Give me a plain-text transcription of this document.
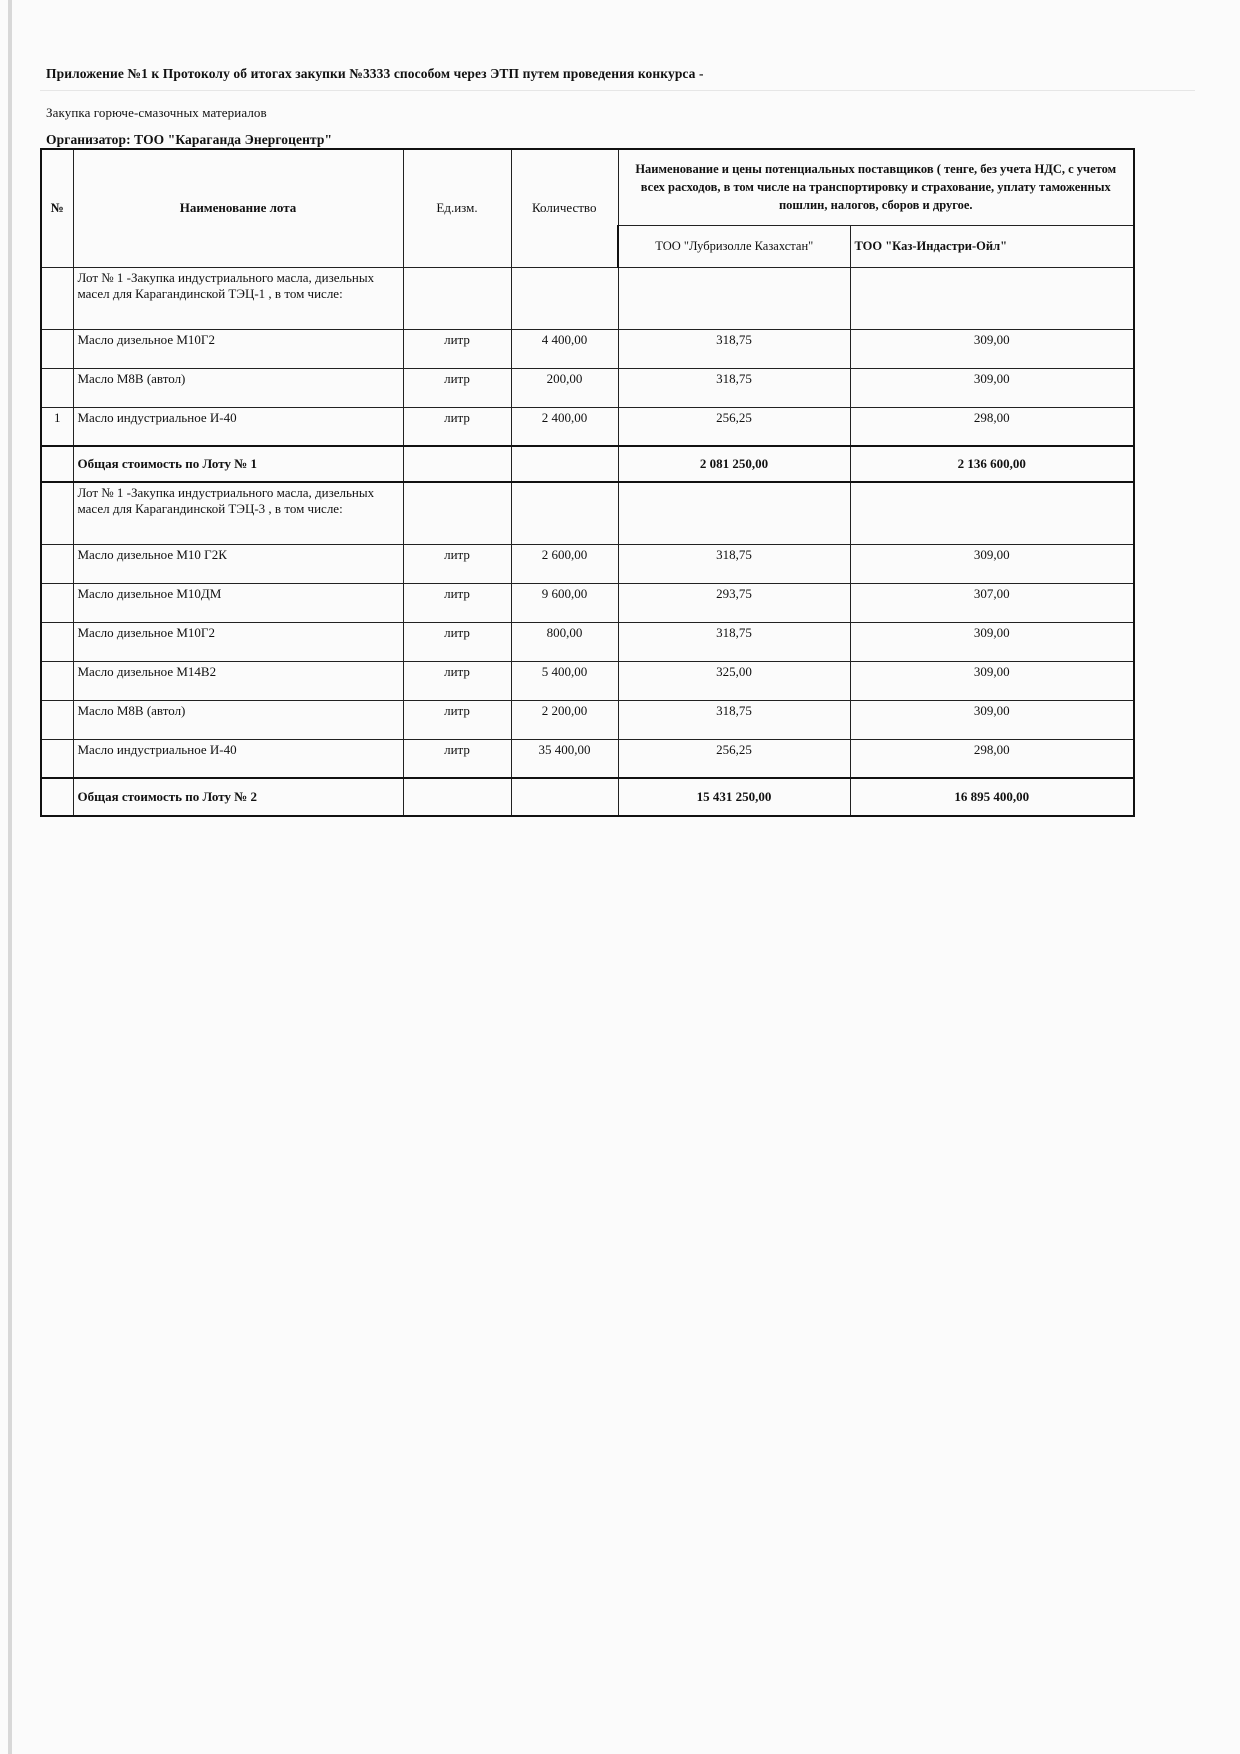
Приложение №1 к Протоколу об итогах закупки №3333 способом через ЭТП путем проведения конкурса -
Закупка горюче-смазочных материалов
Организатор: ТОО "Караганда Энергоцентр"
№	Наименование лота	Ед.изм.	Количество	Наименование и цены потенциальных поставщиков ( тенге, без учета НДС, с учетом всех расходов, в том числе на транспортировку и страхование, уплату таможенных пошлин, налогов, сборов и другое.	
				ТОО "Лубризолле Казахстан"	ТОО "Каз-Индастри-Ойл"
	Лот № 1 -Закупка индустриального масла, дизельных масел для Карагандинской ТЭЦ-1 , в том числе:				
	Масло дизельное М10Г2	литр	4 400,00	318,75	309,00
	Масло М8В (автол)	литр	200,00	318,75	309,00
1	Масло индустриальное И-40	литр	2 400,00	256,25	298,00
	Общая стоимость по Лоту № 1			2 081 250,00	2 136 600,00
	Лот № 1 -Закупка индустриального масла, дизельных масел для Карагандинской ТЭЦ-3 , в том числе:				
	Масло дизельное М10 Г2К	литр	2 600,00	318,75	309,00
	Масло дизельное М10ДМ	литр	9 600,00	293,75	307,00
	Масло дизельное М10Г2	литр	800,00	318,75	309,00
	Масло дизельное М14В2	литр	5 400,00	325,00	309,00
	Масло М8В (автол)	литр	2 200,00	318,75	309,00
	Масло индустриальное И-40	литр	35 400,00	256,25	298,00
	Общая стоимость по Лоту № 2			15 431 250,00	16 895 400,00
